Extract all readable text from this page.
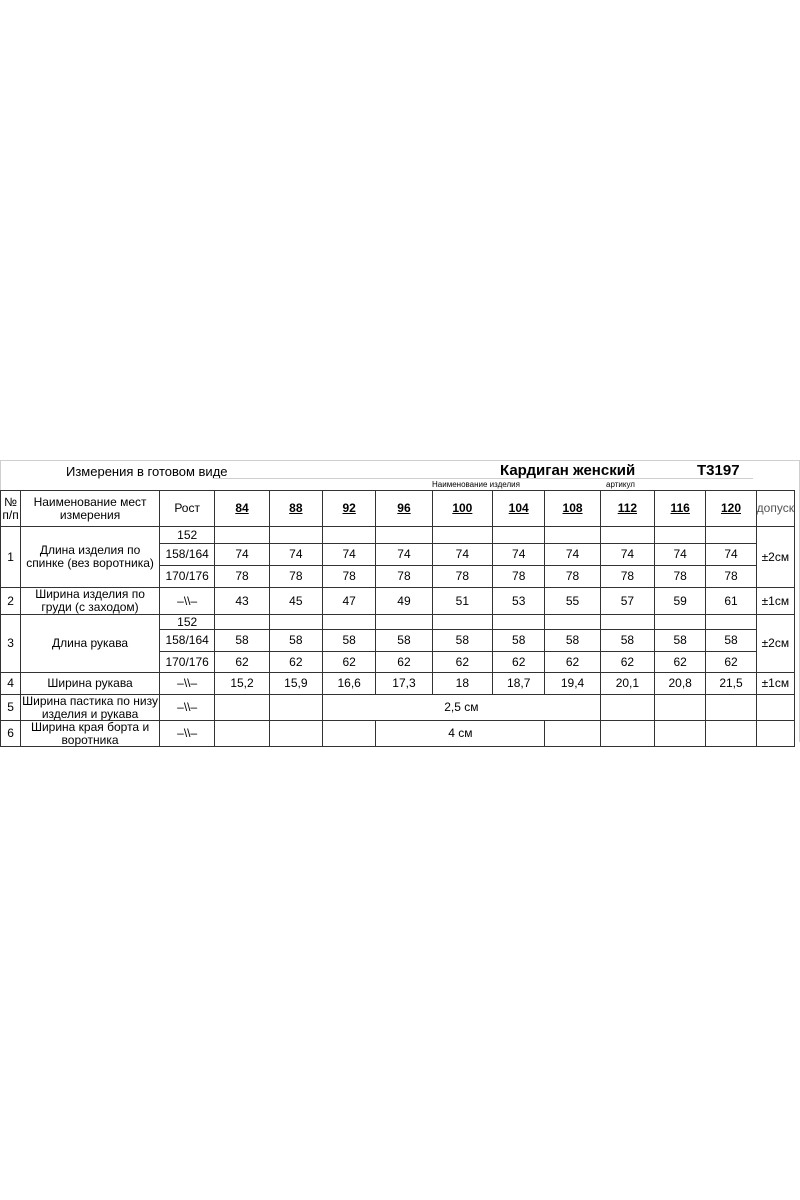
Измерения в готовом виде	Кардиган женский	Т3197
Наименование изделия	артикул
№ п/п	Наименование мест измерения	Рост	84	88	92	96	100	104	108	112	116	120	допуск
1	Длина изделия по спинке (вез воротника)	152											±2см
		158/164	74	74	74	74	74	74	74	74	74	74	
		170/176	78	78	78	78	78	78	78	78	78	78	
2	Ширина изделия по груди (с заходом)	–\\–	43	45	47	49	51	53	55	57	59	61	±1см
3	Длина рукава	152											±2см
		158/164	58	58	58	58	58	58	58	58	58	58	
		170/176	62	62	62	62	62	62	62	62	62	62	
4	Ширина рукава	–\\–	15,2	15,9	16,6	17,3	18	18,7	19,4	20,1	20,8	21,5	±1см
5	Ширина пастика по низу изделия и рукава	–\\–			2,5 см								
6	Ширина края борта и воротника	–\\–				4 см							
